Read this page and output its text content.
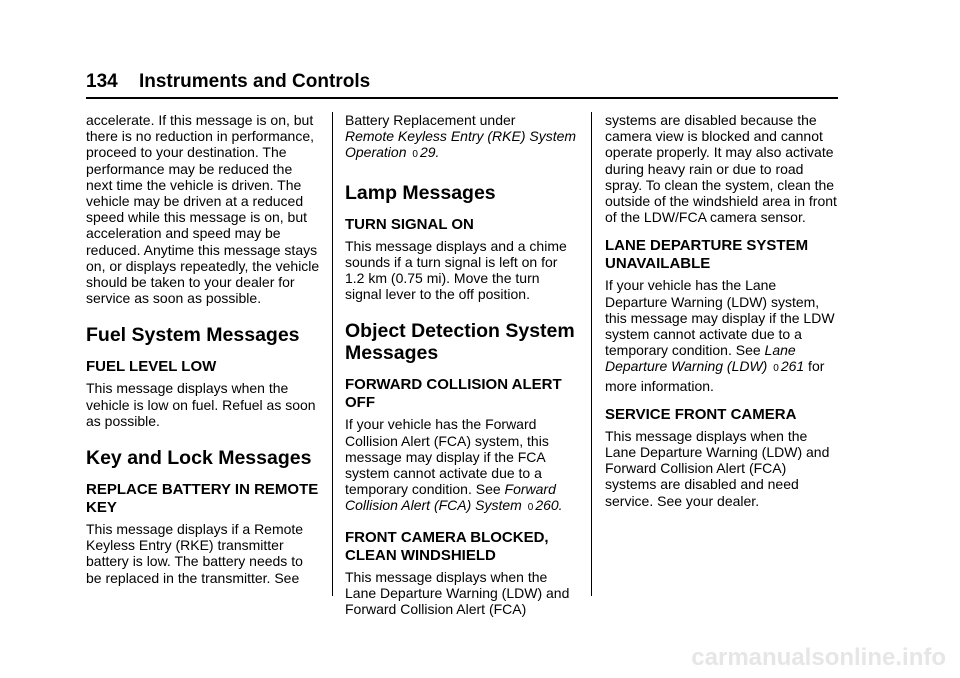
134 Instruments and Controls

accelerate. If this message is on, but there is no reduction in performance, proceed to your destination. The performance may be reduced the next time the vehicle is driven. The vehicle may be driven at a reduced speed while this message is on, but acceleration and speed may be reduced. Anytime this message stays on, or displays repeatedly, the vehicle should be taken to your dealer for service as soon as possible.

Fuel System Messages
FUEL LEVEL LOW

This message displays when the vehicle is low on fuel. Refuel as soon as possible.

Key and Lock Messages
REPLACE BATTERY IN REMOTE KEY

This message displays if a Remote Keyless Entry (RKE) transmitter battery is low. The battery needs to be replaced in the transmitter. See

Battery Replacement under
Remote Keyless Entry (RKE) System Operation 0 29.

Lamp Messages
TURN SIGNAL ON

This message displays and a chime sounds if a turn signal is left on for 1.2 km (0.75 mi). Move the turn signal lever to the off position.

Object Detection System Messages
FORWARD COLLISION ALERT OFF

If your vehicle has the Forward Collision Alert (FCA) system, this message may display if the FCA system cannot activate due to a temporary condition. See Forward Collision Alert (FCA) System 0 260.

FRONT CAMERA BLOCKED, CLEAN WINDSHIELD

This message displays when the Lane Departure Warning (LDW) and Forward Collision Alert (FCA)

systems are disabled because the camera view is blocked and cannot operate properly. It may also activate during heavy rain or due to road spray. To clean the system, clean the outside of the windshield area in front of the LDW/FCA camera sensor.

LANE DEPARTURE SYSTEM UNAVAILABLE

If your vehicle has the Lane Departure Warning (LDW) system, this message may display if the LDW system cannot activate due to a temporary condition. See Lane Departure Warning (LDW) 0 261 for more information.

SERVICE FRONT CAMERA

This message displays when the Lane Departure Warning (LDW) and Forward Collision Alert (FCA) systems are disabled and need service. See your dealer.

carmanualsonline.info
